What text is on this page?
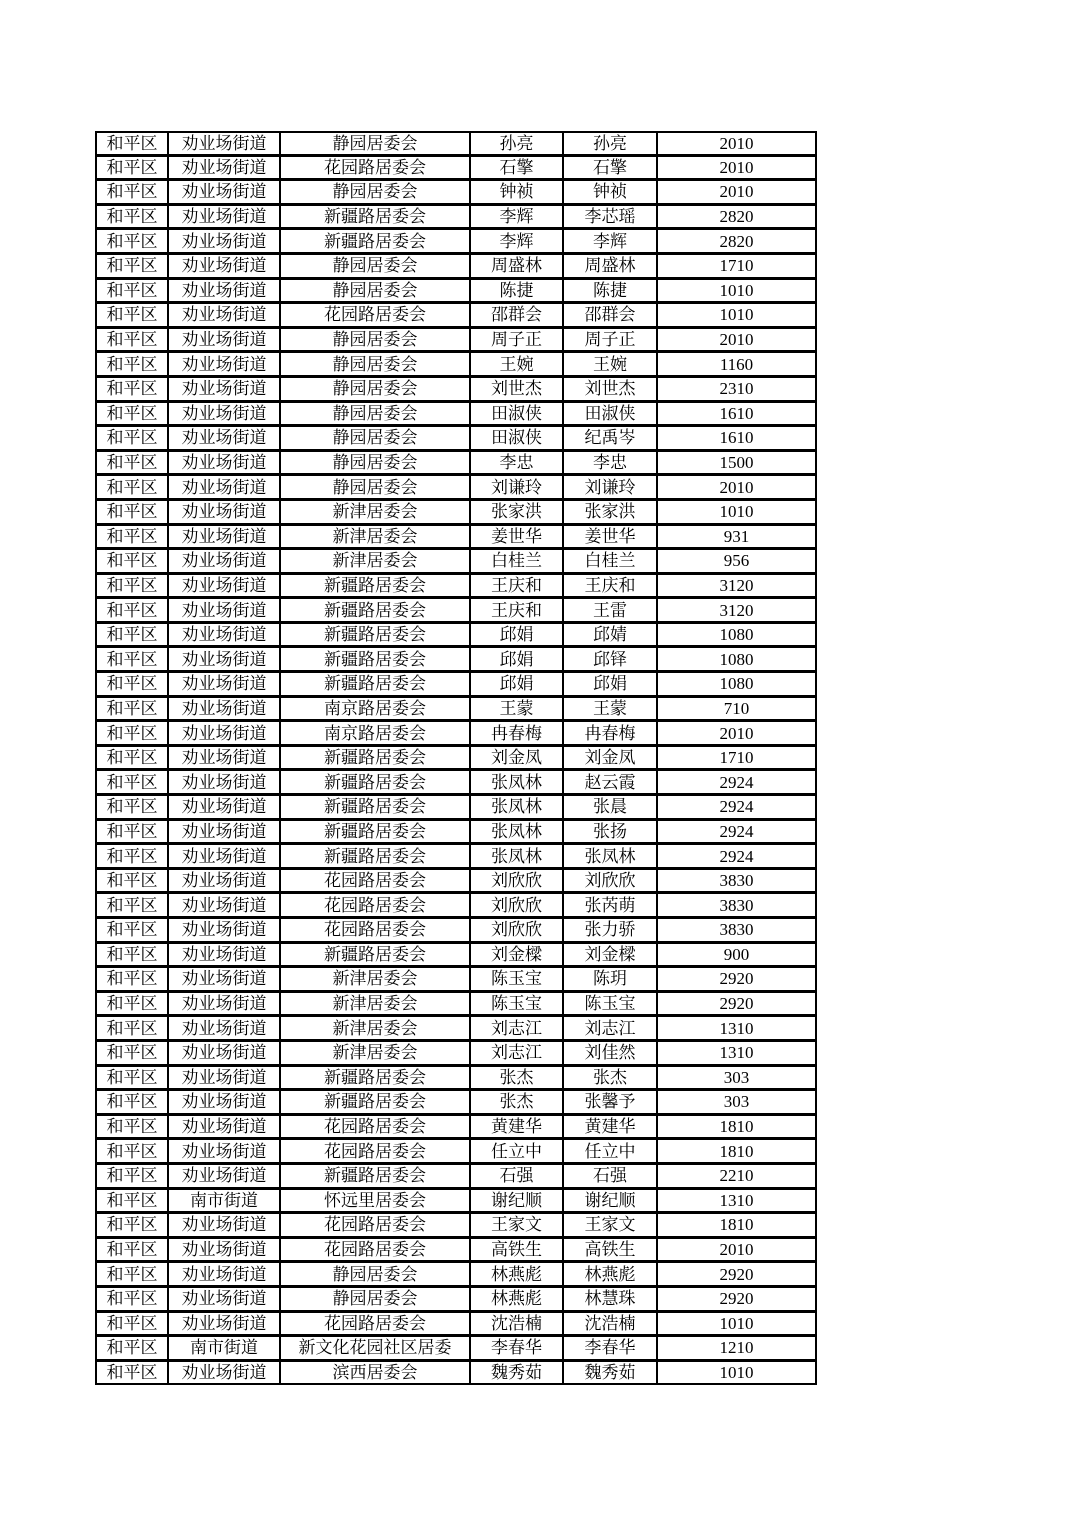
和平区	劝业场街道	静园居委会	孙亮	孙亮	2010
和平区	劝业场街道	花园路居委会	石擎	石擎	2010
和平区	劝业场街道	静园居委会	钟祯	钟祯	2010
和平区	劝业场街道	新疆路居委会	李辉	李芯瑶	2820
和平区	劝业场街道	新疆路居委会	李辉	李辉	2820
和平区	劝业场街道	静园居委会	周盛林	周盛林	1710
和平区	劝业场街道	静园居委会	陈捷	陈捷	1010
和平区	劝业场街道	花园路居委会	邵群会	邵群会	1010
和平区	劝业场街道	静园居委会	周子正	周子正	2010
和平区	劝业场街道	静园居委会	王婉	王婉	1160
和平区	劝业场街道	静园居委会	刘世杰	刘世杰	2310
和平区	劝业场街道	静园居委会	田淑侠	田淑侠	1610
和平区	劝业场街道	静园居委会	田淑侠	纪禹岑	1610
和平区	劝业场街道	静园居委会	李忠	李忠	1500
和平区	劝业场街道	静园居委会	刘谦玲	刘谦玲	2010
和平区	劝业场街道	新津居委会	张家洪	张家洪	1010
和平区	劝业场街道	新津居委会	姜世华	姜世华	931
和平区	劝业场街道	新津居委会	白桂兰	白桂兰	956
和平区	劝业场街道	新疆路居委会	王庆和	王庆和	3120
和平区	劝业场街道	新疆路居委会	王庆和	王雷	3120
和平区	劝业场街道	新疆路居委会	邱娟	邱婧	1080
和平区	劝业场街道	新疆路居委会	邱娟	邱铎	1080
和平区	劝业场街道	新疆路居委会	邱娟	邱娟	1080
和平区	劝业场街道	南京路居委会	王蒙	王蒙	710
和平区	劝业场街道	南京路居委会	冉春梅	冉春梅	2010
和平区	劝业场街道	新疆路居委会	刘金凤	刘金凤	1710
和平区	劝业场街道	新疆路居委会	张凤林	赵云霞	2924
和平区	劝业场街道	新疆路居委会	张凤林	张晨	2924
和平区	劝业场街道	新疆路居委会	张凤林	张扬	2924
和平区	劝业场街道	新疆路居委会	张凤林	张凤林	2924
和平区	劝业场街道	花园路居委会	刘欣欣	刘欣欣	3830
和平区	劝业场街道	花园路居委会	刘欣欣	张芮萌	3830
和平区	劝业场街道	花园路居委会	刘欣欣	张力骄	3830
和平区	劝业场街道	新疆路居委会	刘金樑	刘金樑	900
和平区	劝业场街道	新津居委会	陈玉宝	陈玥	2920
和平区	劝业场街道	新津居委会	陈玉宝	陈玉宝	2920
和平区	劝业场街道	新津居委会	刘志江	刘志江	1310
和平区	劝业场街道	新津居委会	刘志江	刘佳然	1310
和平区	劝业场街道	新疆路居委会	张杰	张杰	303
和平区	劝业场街道	新疆路居委会	张杰	张馨予	303
和平区	劝业场街道	花园路居委会	黄建华	黄建华	1810
和平区	劝业场街道	花园路居委会	任立中	任立中	1810
和平区	劝业场街道	新疆路居委会	石强	石强	2210
和平区	南市街道	怀远里居委会	谢纪顺	谢纪顺	1310
和平区	劝业场街道	花园路居委会	王家文	王家文	1810
和平区	劝业场街道	花园路居委会	高铁生	高铁生	2010
和平区	劝业场街道	静园居委会	林燕彪	林燕彪	2920
和平区	劝业场街道	静园居委会	林燕彪	林慧珠	2920
和平区	劝业场街道	花园路居委会	沈浩楠	沈浩楠	1010
和平区	南市街道	新文化花园社区居委	李春华	李春华	1210
和平区	劝业场街道	滨西居委会	魏秀茹	魏秀茹	1010
